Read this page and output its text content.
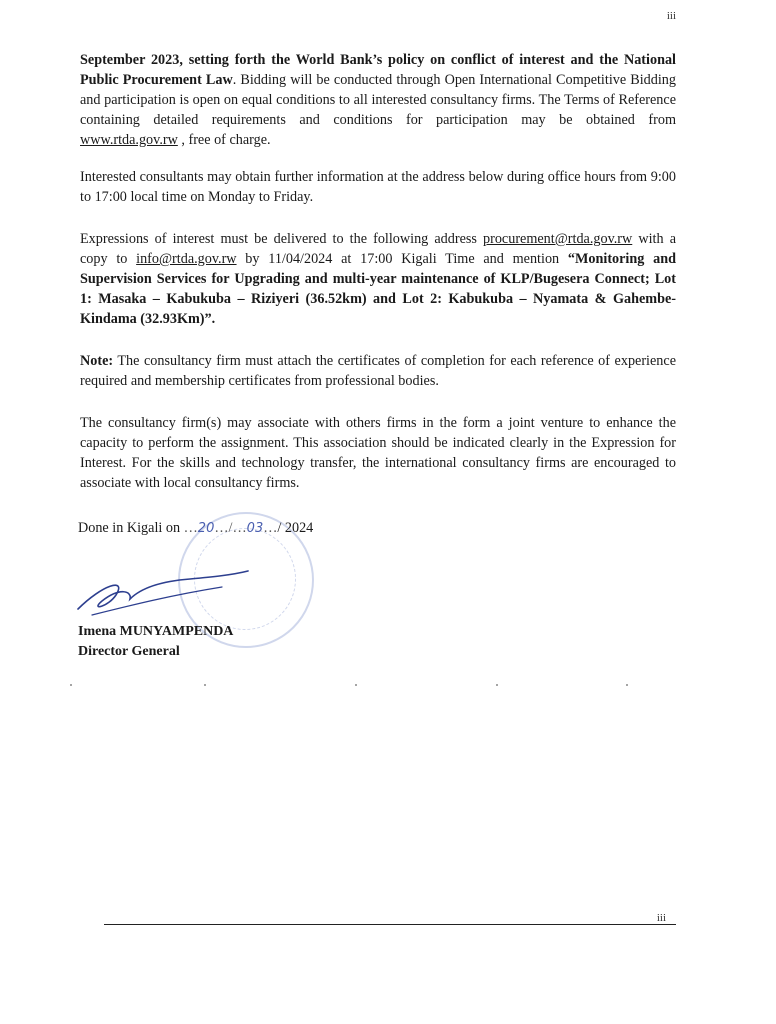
iii

September 2023, setting forth the World Bank’s policy on conflict of interest and the National Public Procurement Law. Bidding will be conducted through Open International Competitive Bidding and participation is open on equal conditions to all interested consultancy firms. The Terms of Reference containing detailed requirements and conditions for participation may be obtained from www.rtda.gov.rw , free of charge.

Interested consultants may obtain further information at the address below during office hours from 9:00 to 17:00 local time on Monday to Friday.

Expressions of interest must be delivered to the following address procurement@rtda.gov.rw with a copy to info@rtda.gov.rw by 11/04/2024 at 17:00 Kigali Time and mention “Monitoring and Supervision Services for Upgrading and multi-year maintenance of KLP/Bugesera Connect; Lot 1: Masaka – Kabukuba – Riziyeri (36.52km) and Lot 2: Kabukuba – Nyamata & Gahembe-Kindama (32.93Km)”.

Note: The consultancy firm must attach the certificates of completion for each reference of experience required and membership certificates from professional bodies.

The consultancy firm(s) may associate with others firms in the form a joint venture to enhance the capacity to perform the assignment. This association should be indicated clearly in the Expression for Interest. For the skills and technology transfer, the international consultancy firms are encouraged to associate with local consultancy firms.

Done in Kigali on …20…/…03…/ 2024
Imena MUNYAMPENDA
Director General
iii
